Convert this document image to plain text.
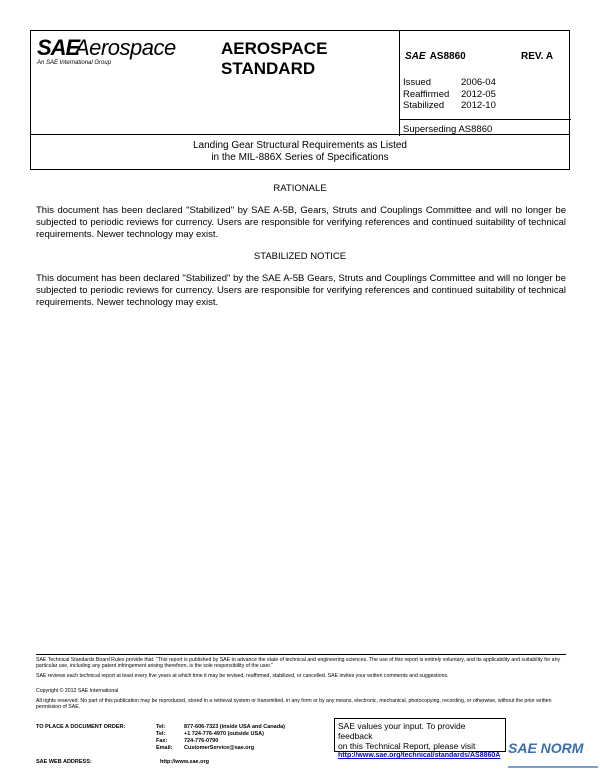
SAE
Aerospace
An SAE International Group
AEROSPACE
STANDARD
SAE AS8860	REV. A
Issued	2006-04
Reaffirmed	2012-05
Stabilized	2012-10
Superseding AS8860
Landing Gear Structural Requirements as Listed
in the MIL-886X Series of Specifications
RATIONALE
This document has been declared "Stabilized" by SAE A-5B, Gears, Struts and Couplings Committee and will no longer be subjected to periodic reviews for currency. Users are responsible for verifying references and continued suitability of technical requirements. Newer technology may exist.
STABILIZED NOTICE
This document has been declared "Stabilized" by the SAE A-5B Gears, Struts and Couplings Committee and will no longer be subjected to periodic reviews for currency. Users are responsible for verifying references and continued suitability of technical requirements. Newer technology may exist.
SAE Technical Standards Board Rules provide that: "This report is published by SAE to advance the state of technical and engineering sciences. The use of this report is entirely voluntary, and its applicability and suitability for any particular use, including any patent infringement arising therefrom, is the sole responsibility of the user."
SAE reviews each technical report at least every five years at which time it may be revised, reaffirmed, stabilized, or cancelled. SAE invites your written comments and suggestions.
Copyright © 2012 SAE International
All rights reserved. No part of this publication may be reproduced, stored in a retrieval system or transmitted, in any form or by any means, electronic, mechanical, photocopying, recording, or otherwise, without the prior written permission of SAE.
TO PLACE A DOCUMENT ORDER:	Tel:	877-606-7323 (inside USA and Canada)
Tel:	+1 724-776-4970 (outside USA)
Fax:	724-776-0790
Email:	CustomerService@sae.org
SAE WEB ADDRESS:	http://www.sae.org
SAE values your input. To provide feedback
on this Technical Report, please visit
http://www.sae.org/technical/standards/AS8860A SAE NORM
